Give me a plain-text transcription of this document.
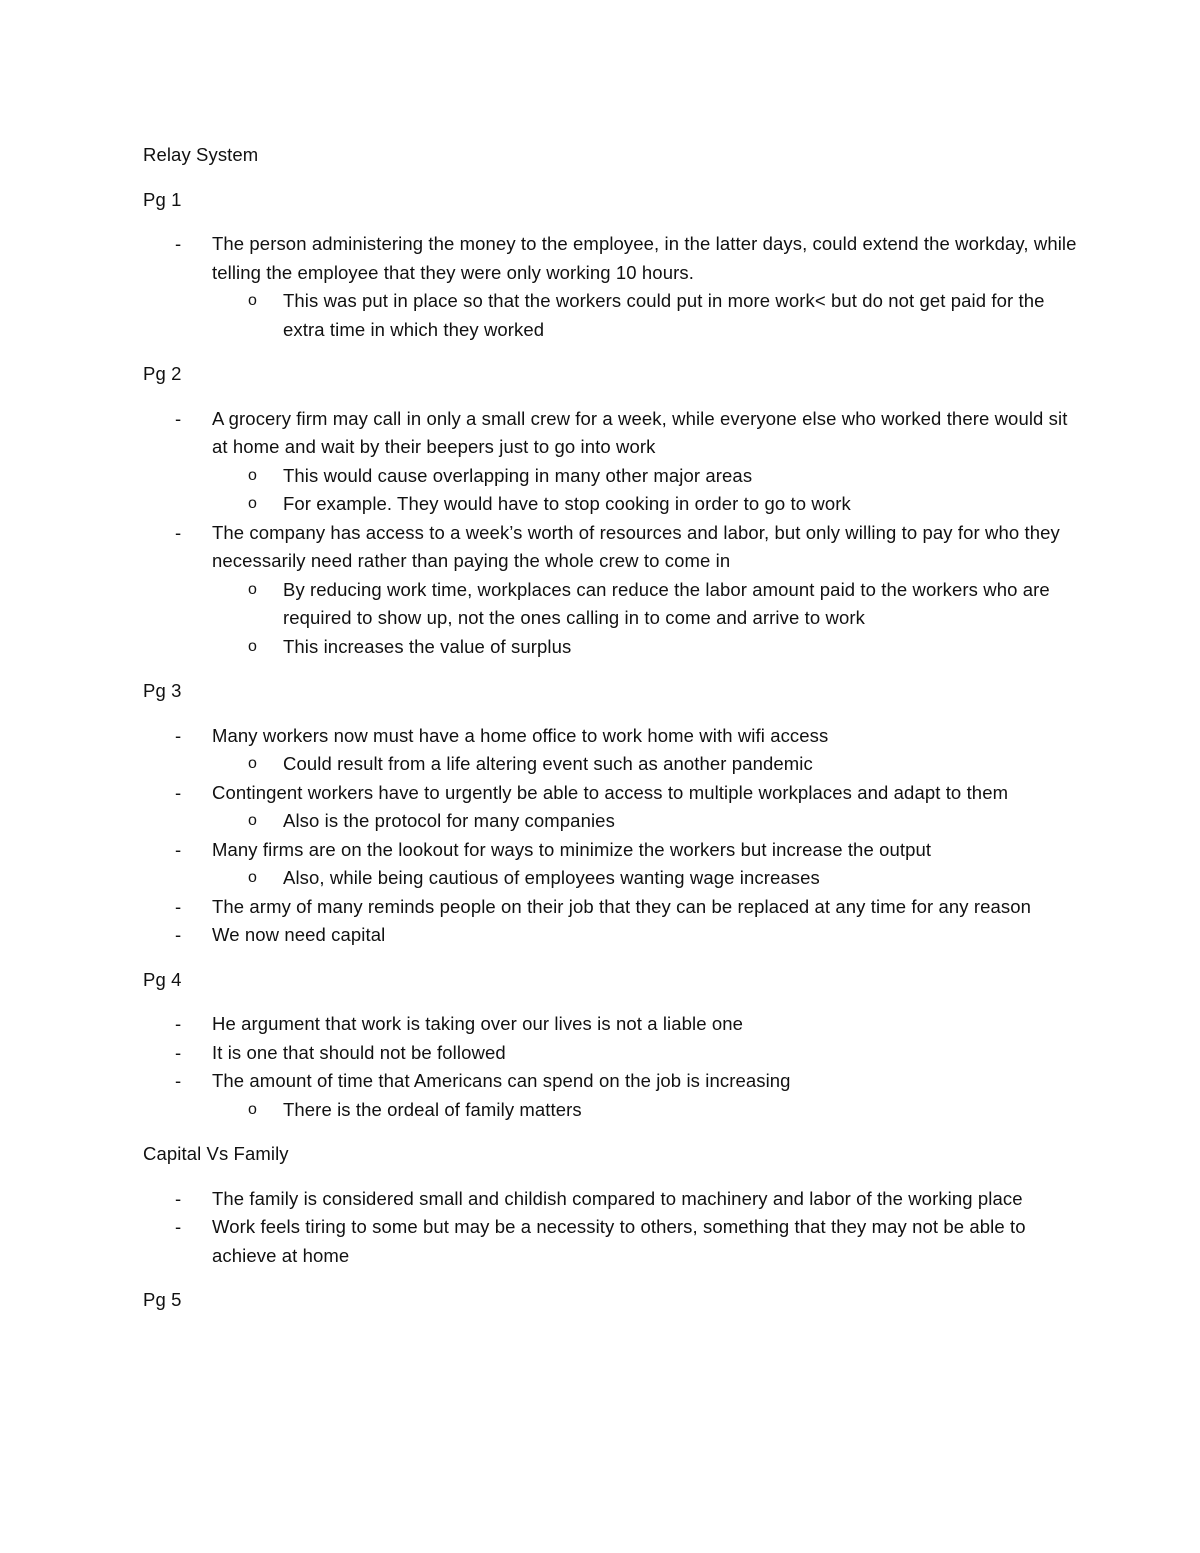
Relay System

Pg 1

- The person administering the money to the employee, in the latter days, could extend the workday, while telling the employee that they were only working 10 hours.
o This was put in place so that the workers could put in more work< but do not get paid for the extra time in which they worked

Pg 2

- A grocery firm may call in only a small crew for a week, while everyone else who worked there would sit at home and wait by their beepers just to go into work
o This would cause overlapping in many other major areas
o For example. They would have to stop cooking in order to go to work
- The company has access to a week’s worth of resources and labor, but only willing to pay for who they necessarily need rather than paying the whole crew to come in
o By reducing work time, workplaces can reduce the labor amount paid to the workers who are required to show up, not the ones calling in to come and arrive to work
o This increases the value of surplus

Pg 3

- Many workers now must have a home office to work home with wifi access
o Could result from a life altering event such as another pandemic
- Contingent workers have to urgently be able to access to multiple workplaces and adapt to them
o Also is the protocol for many companies
- Many firms are on the lookout for ways to minimize the workers but increase the output
o Also, while being cautious of employees wanting wage increases
- The army of many reminds people on their job that they can be replaced at any time for any reason
- We now need capital

Pg 4

- He argument that work is taking over our lives is not a liable one
- It is one that should not be followed
- The amount of time that Americans can spend on the job is increasing
o There is the ordeal of family matters

Capital Vs Family

- The family is considered small and childish compared to machinery and labor of the working place
- Work feels tiring to some but may be a necessity to others, something that they may not be able to achieve at home

Pg 5
